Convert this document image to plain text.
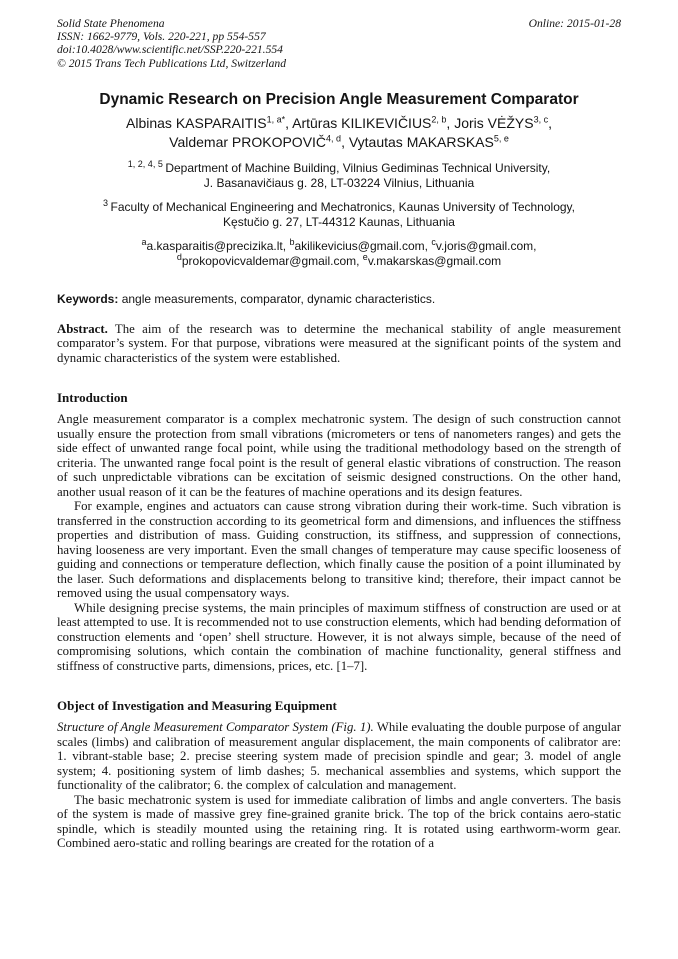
Solid State Phenomena
ISSN: 1662-9779, Vols. 220-221, pp 554-557
doi:10.4028/www.scientific.net/SSP.220-221.554
© 2015 Trans Tech Publications Ltd, Switzerland
Online: 2015-01-28
Dynamic Research on Precision Angle Measurement Comparator
Albinas $KASPARAITIS^{1, a*}$, Artūras KILIKEVIČIUS$^{2, b}$, Joris VĖŽYS$^{3, c}$,
Valdemar PROKOPOVIČ$^{4, d}$, Vytautas MAKARSKAS$^{5, e}$
$^{1, 2, 4, 5}$ Department of Machine Building, Vilnius Gediminas Technical University,
J. Basanavičiaus g. 28, LT-03224 Vilnius, Lithuania
$^3$ Faculty of Mechanical Engineering and Mechatronics, Kaunas University of Technology,
Kęstučio g. 27, LT-44312 Kaunas, Lithuania
$^a$a.kasparaitis@precizika.lt, $^b$akilikevicius@gmail.com, $^c$v.joris@gmail.com,
$^d$prokopovicvaldemar@gmail.com, $^e$v.makarskas@gmail.com
Keywords: angle measurements, comparator, dynamic characteristics.

Abstract. The aim of the research was to determine the mechanical stability of angle measurement comparator’s system. For that purpose, vibrations were measured at the significant points of the system and dynamic characteristics of the system were established.

Introduction

Angle measurement comparator is a complex mechatronic system. The design of such construction cannot usually ensure the protection from small vibrations (micrometers or tens of nanometers ranges) and gets the side effect of unwanted range focal point, while using the traditional methodology based on the strength of criteria. The unwanted range focal point is the result of general elastic vibrations of construction. The reason of such unpredictable vibrations can be excitation of seismic designed constructions. On the other hand, another usual reason of it can be the features of machine operations and its design features.

For example, engines and actuators can cause strong vibration during their work-time. Such vibration is transferred in the construction according to its geometrical form and dimensions, and influences the stiffness properties and distribution of mass. Guiding construction, its stiffness, and suppression of connections, having looseness are very important. Even the small changes of temperature may cause specific looseness of guiding and connections or temperature deflection, which finally cause the position of a point illuminated by the laser. Such deformations and displacements belong to transitive kind; therefore, their impact cannot be removed using the usual compensatory ways.

While designing precise systems, the main principles of maximum stiffness of construction are used or at least attempted to use. It is recommended not to use construction elements, which had bending deformation of construction elements and ‘open’ shell structure. However, it is not always simple, because of the need of compromising solutions, which contain the combination of machine functionality, general stiffness and stiffness of constructive parts, dimensions, prices, etc. [1–7].

Object of Investigation and Measuring Equipment

Structure of Angle Measurement Comparator System (Fig. 1). While evaluating the double purpose of angular scales (limbs) and calibration of measurement angular displacement, the main components of calibrator are: 1. vibrant-stable base; 2. precise steering system made of precision spindle and gear; 3. model of angle system; 4. positioning system of limb dashes; 5. mechanical assemblies and systems, which support the functionality of the calibrator; 6. the complex of calculation and management.

The basic mechatronic system is used for immediate calibration of limbs and angle converters. The basis of the system is made of massive grey fine-grained granite brick. The top of the brick contains aero-static spindle, which is steadily mounted using the retaining ring. It is rotated using earthworm-worm gear. Combined aero-static and rolling bearings are created for the rotation of a
